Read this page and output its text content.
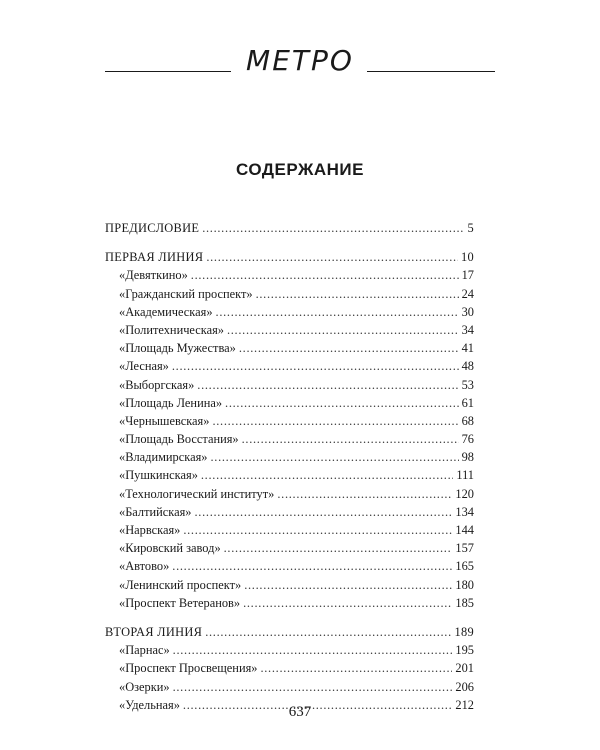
МЕТРО
СОДЕРЖАНИЕ
ПРЕДИСЛОВИЕ . . .	5
ПЕРВАЯ ЛИНИЯ . . .	10
«Девяткино» . . .	17
«Гражданский проспект» . . .	24
«Академическая» . . .	30
«Политехническая» . . .	34
«Площадь Мужества» . . .	41
«Лесная» . . .	48
«Выборгская» . . .	53
«Площадь Ленина» . . .	61
«Чернышевская» . . .	68
«Площадь Восстания» . . .	76
«Владимирская» . . .	98
«Пушкинская» . . .	111
«Технологический институт» . . .	120
«Балтийская» . . .	134
«Нарвская» . . .	144
«Кировский завод» . . .	157
«Автово» . . .	165
«Ленинский проспект» . . .	180
«Проспект Ветеранов» . . .	185
ВТОРАЯ ЛИНИЯ . . .	189
«Парнас» . . .	195
«Проспект Просвещения» . . .	201
«Озерки» . . .	206
«Удельная» . . .	212
637
